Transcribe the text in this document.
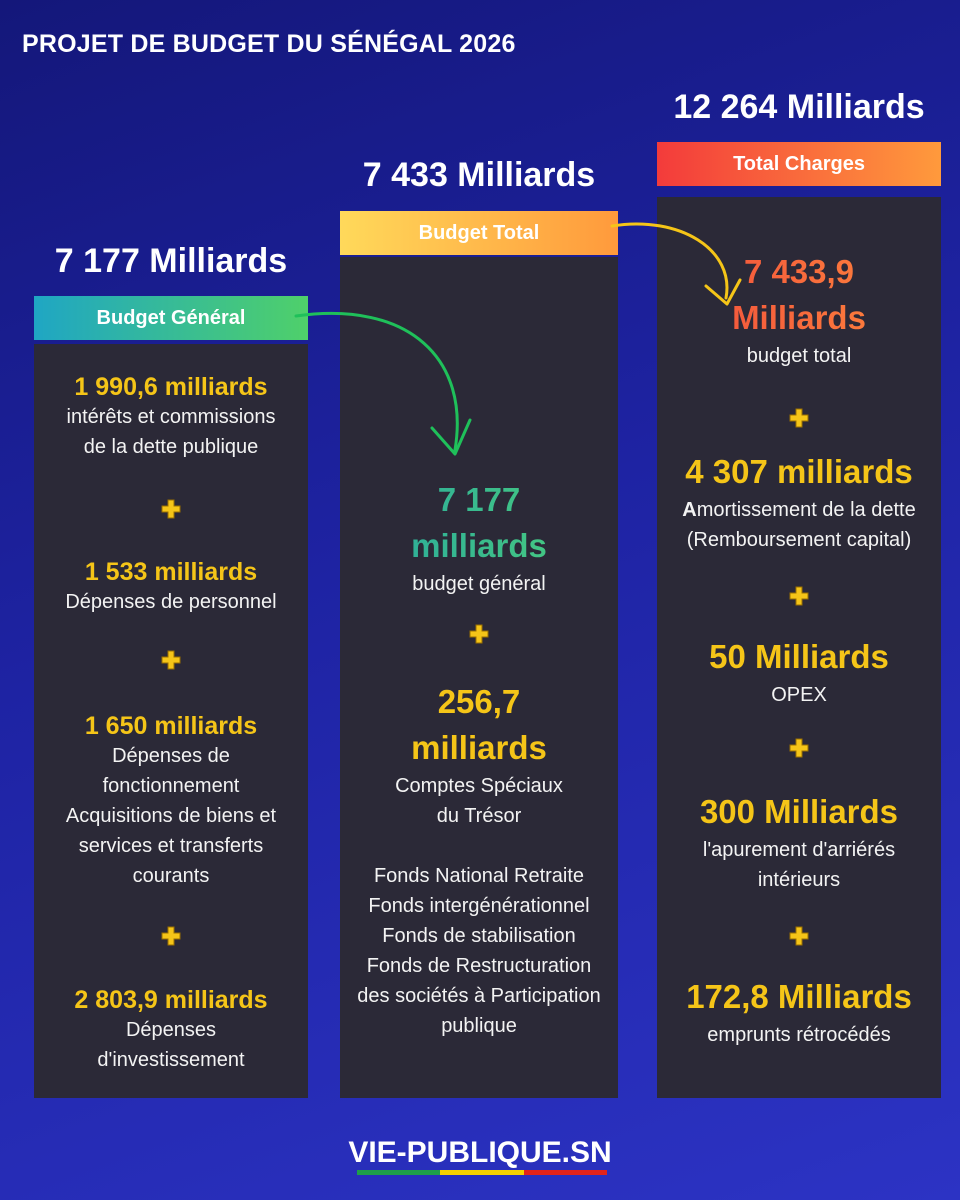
PROJET DE BUDGET DU SÉNÉGAL 2026
7 177 Milliards
Budget Général
1 990,6 milliards
intérêts et commissions
de la dette publique
1 533 milliards
Dépenses de personnel
1 650 milliards
Dépenses de
fonctionnement
Acquisitions de biens et
services et transferts
courants
2 803,9 milliards
Dépenses
d'investissement
7 433 Milliards
Budget Total
7 177
milliards
budget général
256,7
milliards
Comptes Spéciaux
du Trésor
Fonds National Retraite
Fonds intergénérationnel
Fonds de stabilisation
Fonds de Restructuration
des sociétés à Participation
publique
12 264 Milliards
Total Charges
7 433,9
Milliards
budget total
4 307 milliards
Amortissement de la dette
(Remboursement capital)
50 Milliards
OPEX
300 Milliards
l'apurement d'arriérés
intérieurs
172,8 Milliards
emprunts rétrocédés
VIE-PUBLIQUE.SN
